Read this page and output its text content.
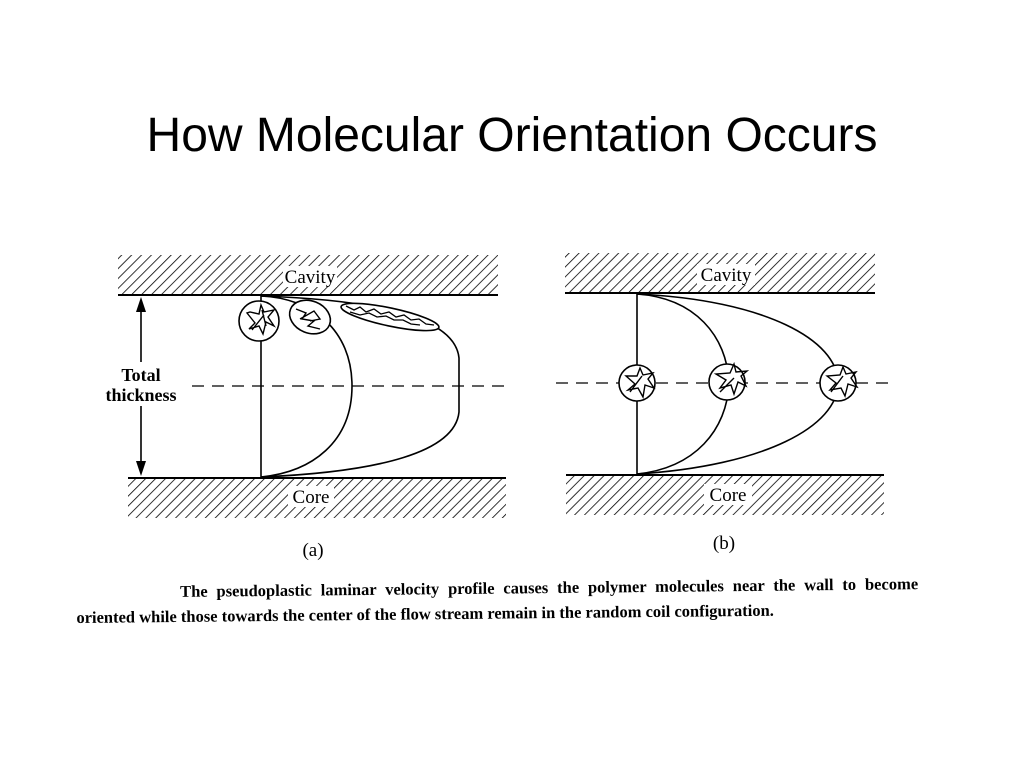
How Molecular Orientation Occurs
Cavity
Core
Total
thickness
Cavity
Core
(a)	(b)
The pseudoplastic laminar velocity profile causes the polymer molecules near the wall to become oriented while those towards the center of the flow stream remain in the random coil configuration.
